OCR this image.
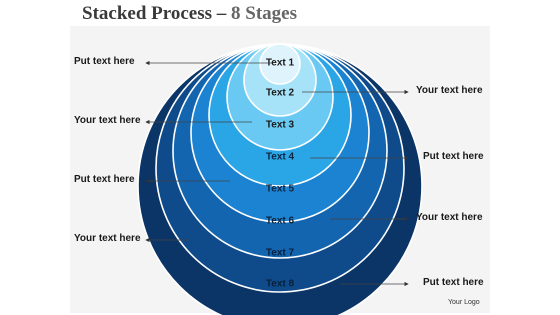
Stacked Process – 8 Stages
Text 1
Text 2
Text 3
Text 4
Text 5
Text 6
Text 7
Text 8
Put text here
Your text here
Your text here
Put text here
Put text here
Your text here
Your text here
Put text here
Your Logo
